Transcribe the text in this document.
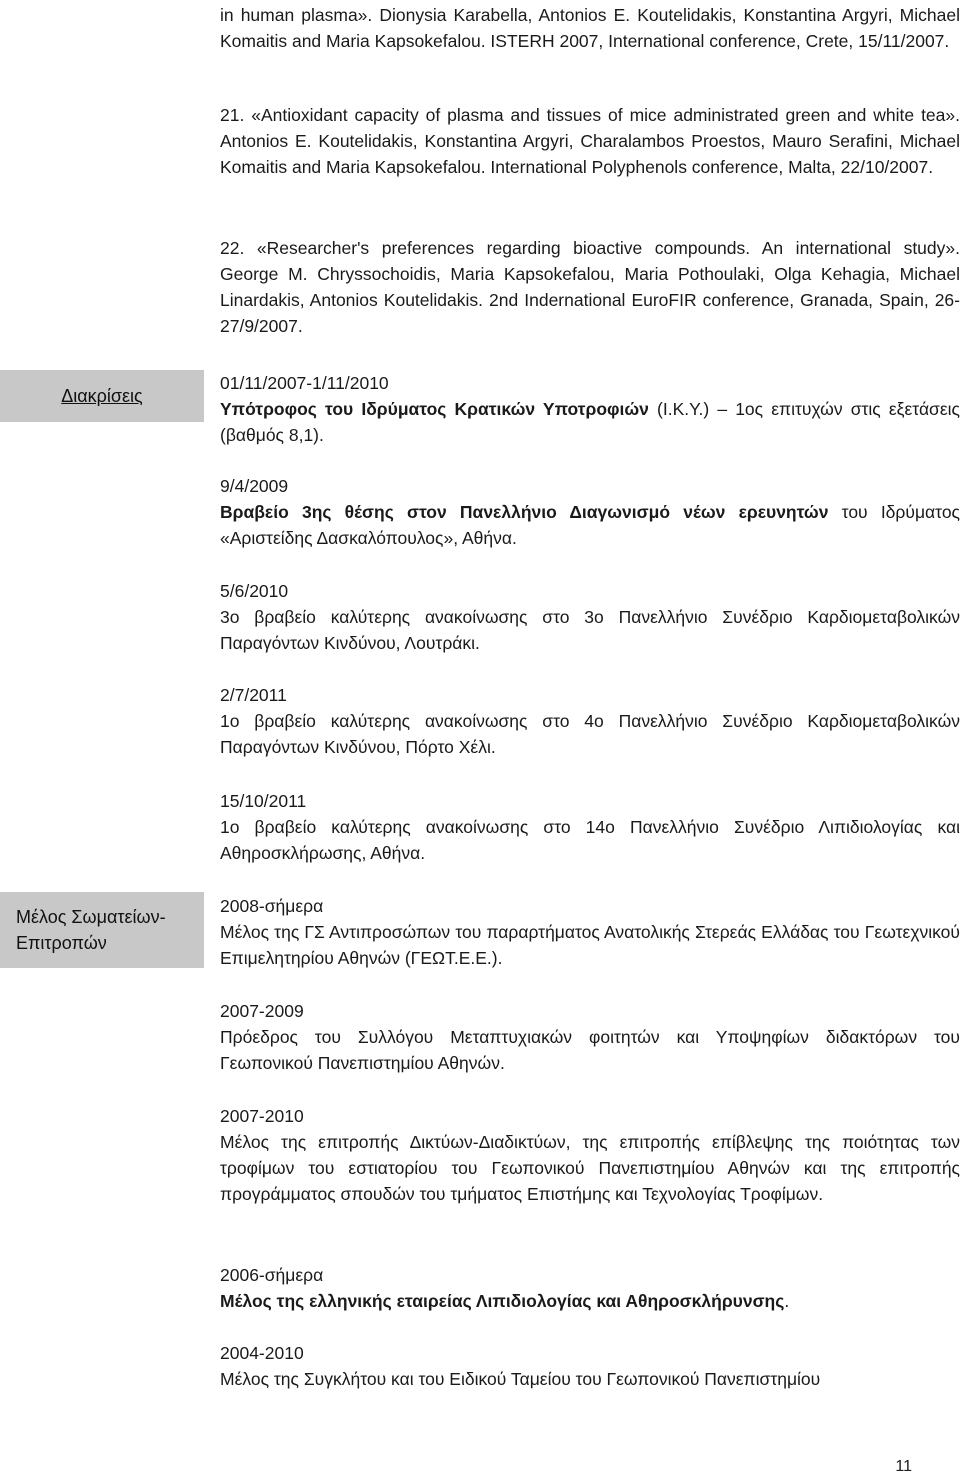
in human plasma». Dionysia Karabella, Antonios E. Koutelidakis, Konstantina Argyri, Michael Komaitis and Maria Kapsokefalou. ISTERH 2007, International conference, Crete, 15/11/2007.
21. «Antioxidant capacity of plasma and tissues of mice administrated green and white tea». Antonios E. Koutelidakis, Konstantina Argyri, Charalambos Proestos, Mauro Serafini, Michael Komaitis and Maria Kapsokefalou. International Polyphenols conference, Malta, 22/10/2007.
22. «Researcher's preferences regarding bioactive compounds. An international study». George M. Chryssochoidis, Maria Kapsokefalou, Maria Pothoulaki, Olga Kehagia, Michael Linardakis, Antonios Koutelidakis. 2nd Indernational EuroFIR conference, Granada, Spain, 26-27/9/2007.
Διακρίσεις
01/11/2007-1/11/2010
Υπότροφος του Ιδρύματος Κρατικών Υποτροφιών (Ι.Κ.Υ.) – 1ος επιτυχών στις εξετάσεις (βαθμός 8,1).
9/4/2009
Βραβείο 3ης θέσης στον Πανελλήνιο Διαγωνισμό νέων ερευνητών του Ιδρύματος «Αριστείδης Δασκαλόπουλος», Αθήνα.
5/6/2010
3ο βραβείο καλύτερης ανακοίνωσης στο 3ο Πανελλήνιο Συνέδριο Καρδιομεταβολικών Παραγόντων Κινδύνου, Λουτράκι.
2/7/2011
1ο βραβείο καλύτερης ανακοίνωσης στο 4ο Πανελλήνιο Συνέδριο Καρδιομεταβολικών Παραγόντων Κινδύνου, Πόρτο Χέλι.
15/10/2011
1ο βραβείο καλύτερης ανακοίνωσης στο 14ο Πανελλήνιο Συνέδριο Λιπιδιολογίας και Αθηροσκλήρωσης, Αθήνα.
Μέλος Σωματείων-Επιτροπών
2008-σήμερα
Μέλος της ΓΣ Αντιπροσώπων του παραρτήματος Ανατολικής Στερεάς Ελλάδας του Γεωτεχνικού Επιμελητηρίου Αθηνών (ΓΕΩΤ.Ε.Ε.).
2007-2009
Πρόεδρος του Συλλόγου Μεταπτυχιακών φοιτητών και Υποψηφίων διδακτόρων του Γεωπονικού Πανεπιστημίου Αθηνών.
2007-2010
Μέλος της επιτροπής Δικτύων-Διαδικτύων, της επιτροπής επίβλεψης της ποιότητας των τροφίμων του εστιατορίου του Γεωπονικού Πανεπιστημίου Αθηνών και της επιτροπής προγράμματος σπουδών του τμήματος Επιστήμης και Τεχνολογίας Τροφίμων.
2006-σήμερα
Μέλος της ελληνικής εταιρείας Λιπιδιολογίας και Αθηροσκλήρυνσης.
2004-2010
Μέλος της Συγκλήτου και του Ειδικού Ταμείου του Γεωπονικού Πανεπιστημίου
11
